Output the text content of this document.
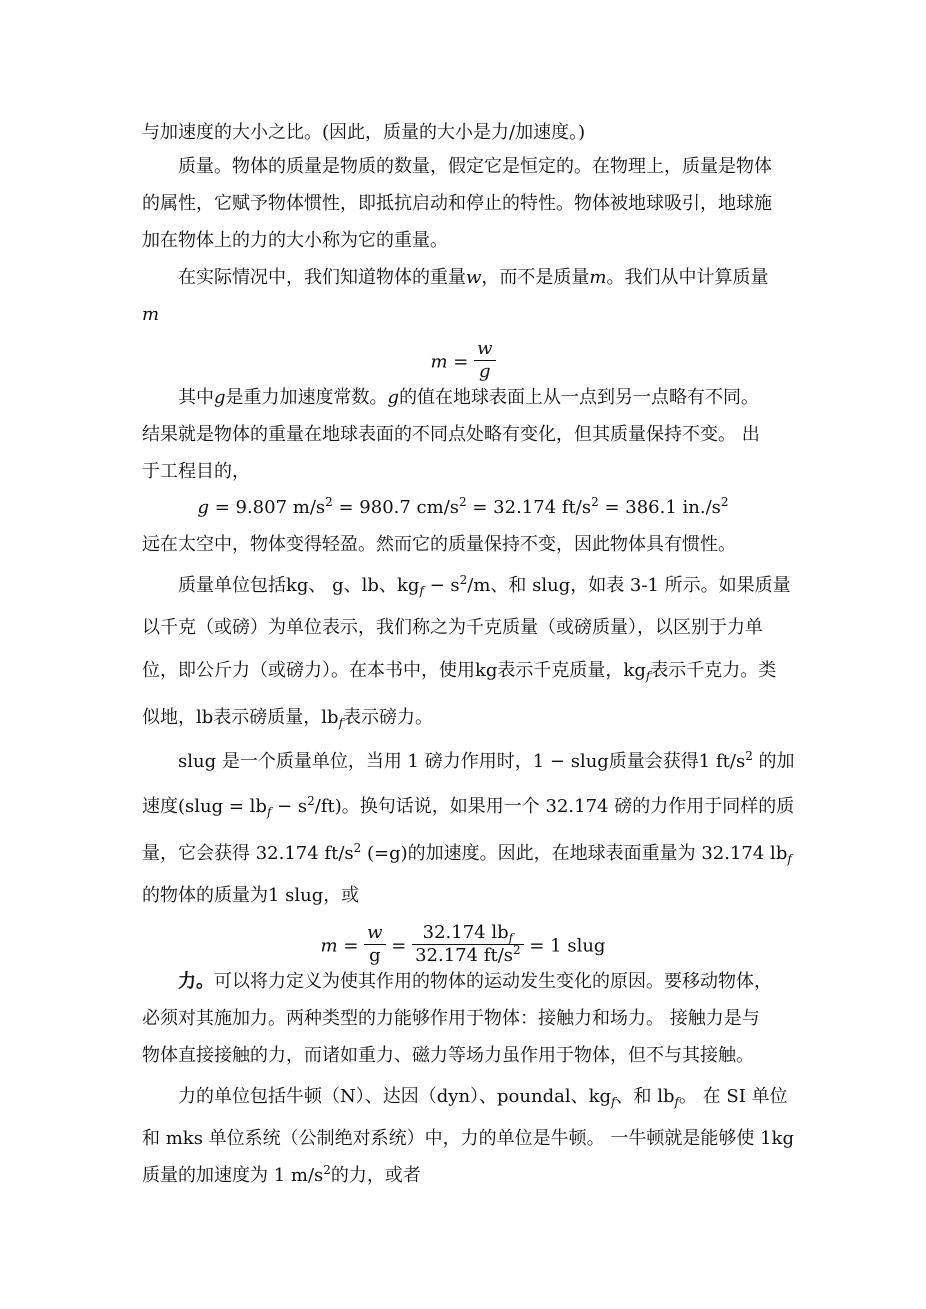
与加速度的大小之比。(因此，质量的大小是力/加速度。)
质量。物体的质量是物质的数量，假定它是恒定的。在物理上，质量是物体
的属性，它赋予物体惯性，即抵抗启动和停止的特性。物体被地球吸引，地球施
加在物体上的力的大小称为它的重量。
在实际情况中，我们知道物体的重量w，而不是质量m。我们从中计算质量
m
$m = \frac{w}{g}$
其中g是重力加速度常数。g的值在地球表面上从一点到另一点略有不同。
结果就是物体的重量在地球表面的不同点处略有变化，但其质量保持不变。 出
于工程目的，
g = 9.807 $m/s^2 = 980.7$ $cm/s^2 = 32.174$ $ft/s^2 = 386.1$ $in./s^2$
远在太空中，物体变得轻盈。然而它的质量保持不变，因此物体具有惯性。
质量单位包括kg、 g、lb、$kg_f - s^2/m$、和 slug，如表 3-1 所示。如果质量
以千克（或磅）为单位表示，我们称之为千克质量（或磅质量），以区别于力单
位，即公斤力（或磅力）。在本书中，使用kg表示千克质量，$kg_f$表示千克力。类
似地，lb表示磅质量，$lb_f$表示磅力。
slug 是一个质量单位，当用 1 磅力作用时，1 − slug质量会获得1 $ft/s^2$ 的加
速度(slug = $lb_f - s^2/ft$)。换句话说，如果用一个 32.174 磅的力作用于同样的质
量，它会获得 32.174 $ft/s^2$ (=g)的加速度。因此，在地球表面重量为 32.174 $lb_f$
的物体的质量为1 slug，或
$m = \frac{w}{g} = \frac{32.174 lb_f}{32.174 ft/s^2} = 1$ slug
力。可以将力定义为使其作用的物体的运动发生变化的原因。要移动物体，
必须对其施加力。两种类型的力能够作用于物体：接触力和场力。 接触力是与
物体直接接触的力，而诸如重力、磁力等场力虽作用于物体，但不与其接触。
力的单位包括牛顿（N）、达因（dyn）、poundal、$kg_f$、和 $lb_f$。 在 SI 单位
和 mks 单位系统（公制绝对系统）中，力的单位是牛顿。 一牛顿就是能够使 1kg
质量的加速度为 1 $m/s^2$的力，或者
